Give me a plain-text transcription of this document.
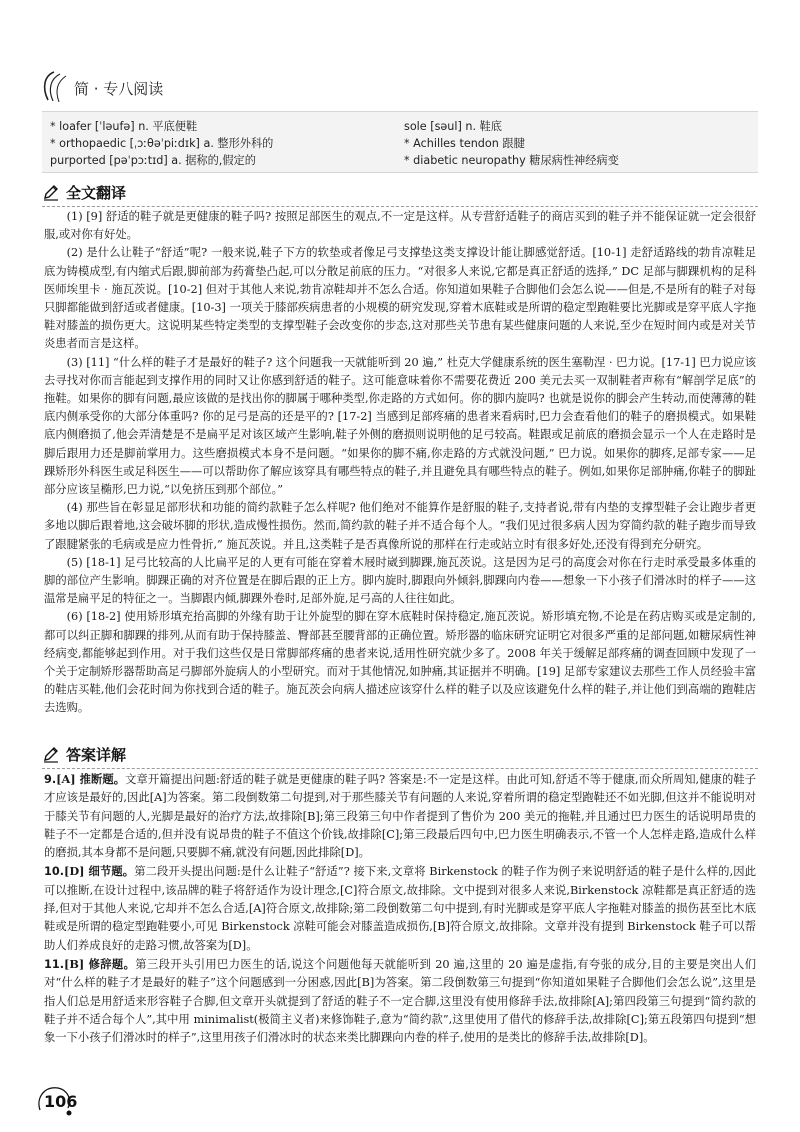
简 · 专八阅读
* loafer [ˈləufə] n. 平底便鞋
* orthopaedic [ˌɔːθəˈpiːdɪk] a. 整形外科的
purported [pəˈpɔːtɪd] a. 据称的,假定的
sole [səul] n. 鞋底
* Achilles tendon 跟腱
* diabetic neuropathy 糖尿病性神经病变
全文翻译

(1) [9] 舒适的鞋子就是更健康的鞋子吗? 按照足部医生的观点,不一定是这样。从专营舒适鞋子的商店买到的鞋子并不能保证就一定会很舒服,或对你有好处。

(2) 是什么让鞋子“舒适”呢? 一般来说,鞋子下方的软垫或者像足弓支撑垫这类支撑设计能让脚感觉舒适。[10-1] 走舒适路线的勃肯凉鞋足底为铸模成型,有内缩式后跟,脚前部为药膏垫凸起,可以分散足前底的压力。“对很多人来说,它都是真正舒适的选择,” DC 足部与脚踝机构的足科医师埃里卡 · 施瓦茨说。[10-2] 但对于其他人来说,勃肯凉鞋却并不怎么合适。你知道如果鞋子合脚他们会怎么说——但是,不是所有的鞋子对每只脚都能做到舒适或者健康。[10-3] 一项关于膝部疾病患者的小规模的研究发现,穿着木底鞋或是所谓的稳定型跑鞋要比光脚或是穿平底人字拖鞋对膝盖的损伤更大。这说明某些特定类型的支撑型鞋子会改变你的步态,这对那些关节患有某些健康问题的人来说,至少在短时间内或是对关节炎患者而言是这样。

(3) [11] “什么样的鞋子才是最好的鞋子? 这个问题我一天就能听到 20 遍,” 杜克大学健康系统的医生塞勒涅 · 巴力说。[17-1] 巴力说应该去寻找对你而言能起到支撑作用的同时又让你感到舒适的鞋子。这可能意味着你不需要花费近 200 美元去买一双制鞋者声称有“解剖学足底”的拖鞋。如果你的脚有问题,最应该做的是找出你的脚属于哪种类型,你走路的方式如何。你的脚内旋吗? 也就是说你的脚会产生转动,而使薄薄的鞋底内侧承受你的大部分体重吗? 你的足弓是高的还是平的? [17-2] 当感到足部疼痛的患者来看病时,巴力会查看他们的鞋子的磨损模式。如果鞋底内侧磨损了,他会弄清楚是不是扁平足对该区域产生影响,鞋子外侧的磨损则说明他的足弓较高。鞋跟或足前底的磨损会显示一个人在走路时是脚后跟用力还是脚前掌用力。这些磨损模式本身不是问题。“如果你的脚不痛,你走路的方式就没问题,” 巴力说。如果你的脚疼,足部专家——足踝矫形外科医生或足科医生——可以帮助你了解应该穿具有哪些特点的鞋子,并且避免具有哪些特点的鞋子。例如,如果你足部肿痛,你鞋子的脚趾部分应该呈椭形,巴力说,“以免挤压到那个部位。”

(4) 那些旨在彰显足部形状和功能的简约款鞋子怎么样呢? 他们绝对不能算作是舒服的鞋子,支持者说,带有内垫的支撑型鞋子会让跑步者更多地以脚后跟着地,这会破坏脚的形状,造成慢性损伤。然而,简约款的鞋子并不适合每个人。“我们见过很多病人因为穿简约款的鞋子跑步而导致了跟腱紧张的毛病或是应力性骨折,” 施瓦茨说。并且,这类鞋子是否真像所说的那样在行走或站立时有很多好处,还没有得到充分研究。

(5) [18-1] 足弓比较高的人比扁平足的人更有可能在穿着木屐时崴到脚踝,施瓦茨说。这是因为足弓的高度会对你在行走时承受最多体重的脚的部位产生影响。脚踝正确的对齐位置是在脚后跟的正上方。脚内旋时,脚跟向外倾斜,脚踝向内卷——想象一下小孩子们滑冰时的样子——这温常是扁平足的特征之一。当脚跟内倾,脚踝外卷时,足部外旋,足弓高的人往往如此。

(6) [18-2] 使用矫形填充抬高脚的外缘有助于让外旋型的脚在穿木底鞋时保持稳定,施瓦茨说。矫形填充物,不论是在药店购买或是定制的,都可以纠正脚和脚踝的排列,从而有助于保持膝盖、臀部甚至腰背部的正确位置。矫形器的临床研究证明它对很多严重的足部问题,如糖尿病性神经病变,都能够起到作用。对于我们这些仅是日常脚部疼痛的患者来说,适用性研究就少多了。2008 年关于缓解足部疼痛的调查回顾中发现了一个关于定制矫形器帮助高足弓脚部外旋病人的小型研究。而对于其他情况,如肿痛,其证据并不明确。[19] 足部专家建议去那些工作人员经验丰富的鞋店买鞋,他们会花时间为你找到合适的鞋子。施瓦茨会向病人描述应该穿什么样的鞋子以及应该避免什么样的鞋子,并让他们到高端的跑鞋店去选购。

答案详解

9.[A] 推断题。文章开篇提出问题:舒适的鞋子就是更健康的鞋子吗? 答案是:不一定是这样。由此可知,舒适不等于健康,而众所周知,健康的鞋子才应该是最好的,因此[A]为答案。第二段倒数第二句提到,对于那些膝关节有问题的人来说,穿着所谓的稳定型跑鞋还不如光脚,但这并不能说明对于膝关节有问题的人,光脚是最好的治疗方法,故排除[B];第三段第三句中作者提到了售价为 200 美元的拖鞋,并且通过巴力医生的话说明昂贵的鞋子不一定都是合适的,但并没有说昂贵的鞋子不值这个价钱,故排除[C];第三段最后四句中,巴力医生明确表示,不管一个人怎样走路,造成什么样的磨损,其本身都不是问题,只要脚不痛,就没有问题,因此排除[D]。

10.[D] 细节题。第二段开头提出问题:是什么让鞋子“舒适”? 接下来,文章将 Birkenstock 的鞋子作为例子来说明舒适的鞋子是什么样的,因此可以推断,在设计过程中,该品牌的鞋子将舒适作为设计理念,[C]符合原文,故排除。文中提到对很多人来说,Birkenstock 凉鞋都是真正舒适的选择,但对于其他人来说,它却并不怎么合适,[A]符合原文,故排除;第二段倒数第二句中提到,有时光脚或是穿平底人字拖鞋对膝盖的损伤甚至比木底鞋或是所谓的稳定型跑鞋要小,可见 Birkenstock 凉鞋可能会对膝盖造成损伤,[B]符合原文,故排除。文章并没有提到 Birkenstock 鞋子可以帮助人们养成良好的走路习惯,故答案为[D]。

11.[B] 修辞题。第三段开头引用巴力医生的话,说这个问题他每天就能听到 20 遍,这里的 20 遍是虚指,有夸张的成分,目的主要是突出人们对“什么样的鞋子才是最好的鞋子”这个问题感到一分困惑,因此[B]为答案。第二段倒数第三句提到“你知道如果鞋子合脚他们会怎么说”,这里是指人们总是用舒适来形容鞋子合脚,但文章开头就提到了舒适的鞋子不一定合脚,这里没有使用修辞手法,故排除[A];第四段第三句提到“简约款的鞋子并不适合每个人”,其中用 minimalist(极简主义者)来修饰鞋子,意为“简约款”,这里使用了借代的修辞手法,故排除[C];第五段第四句提到“想象一下小孩子们滑冰时的样子”,这里用孩子们滑冰时的状态来类比脚踝向内卷的样子,使用的是类比的修辞手法,故排除[D]。

106
